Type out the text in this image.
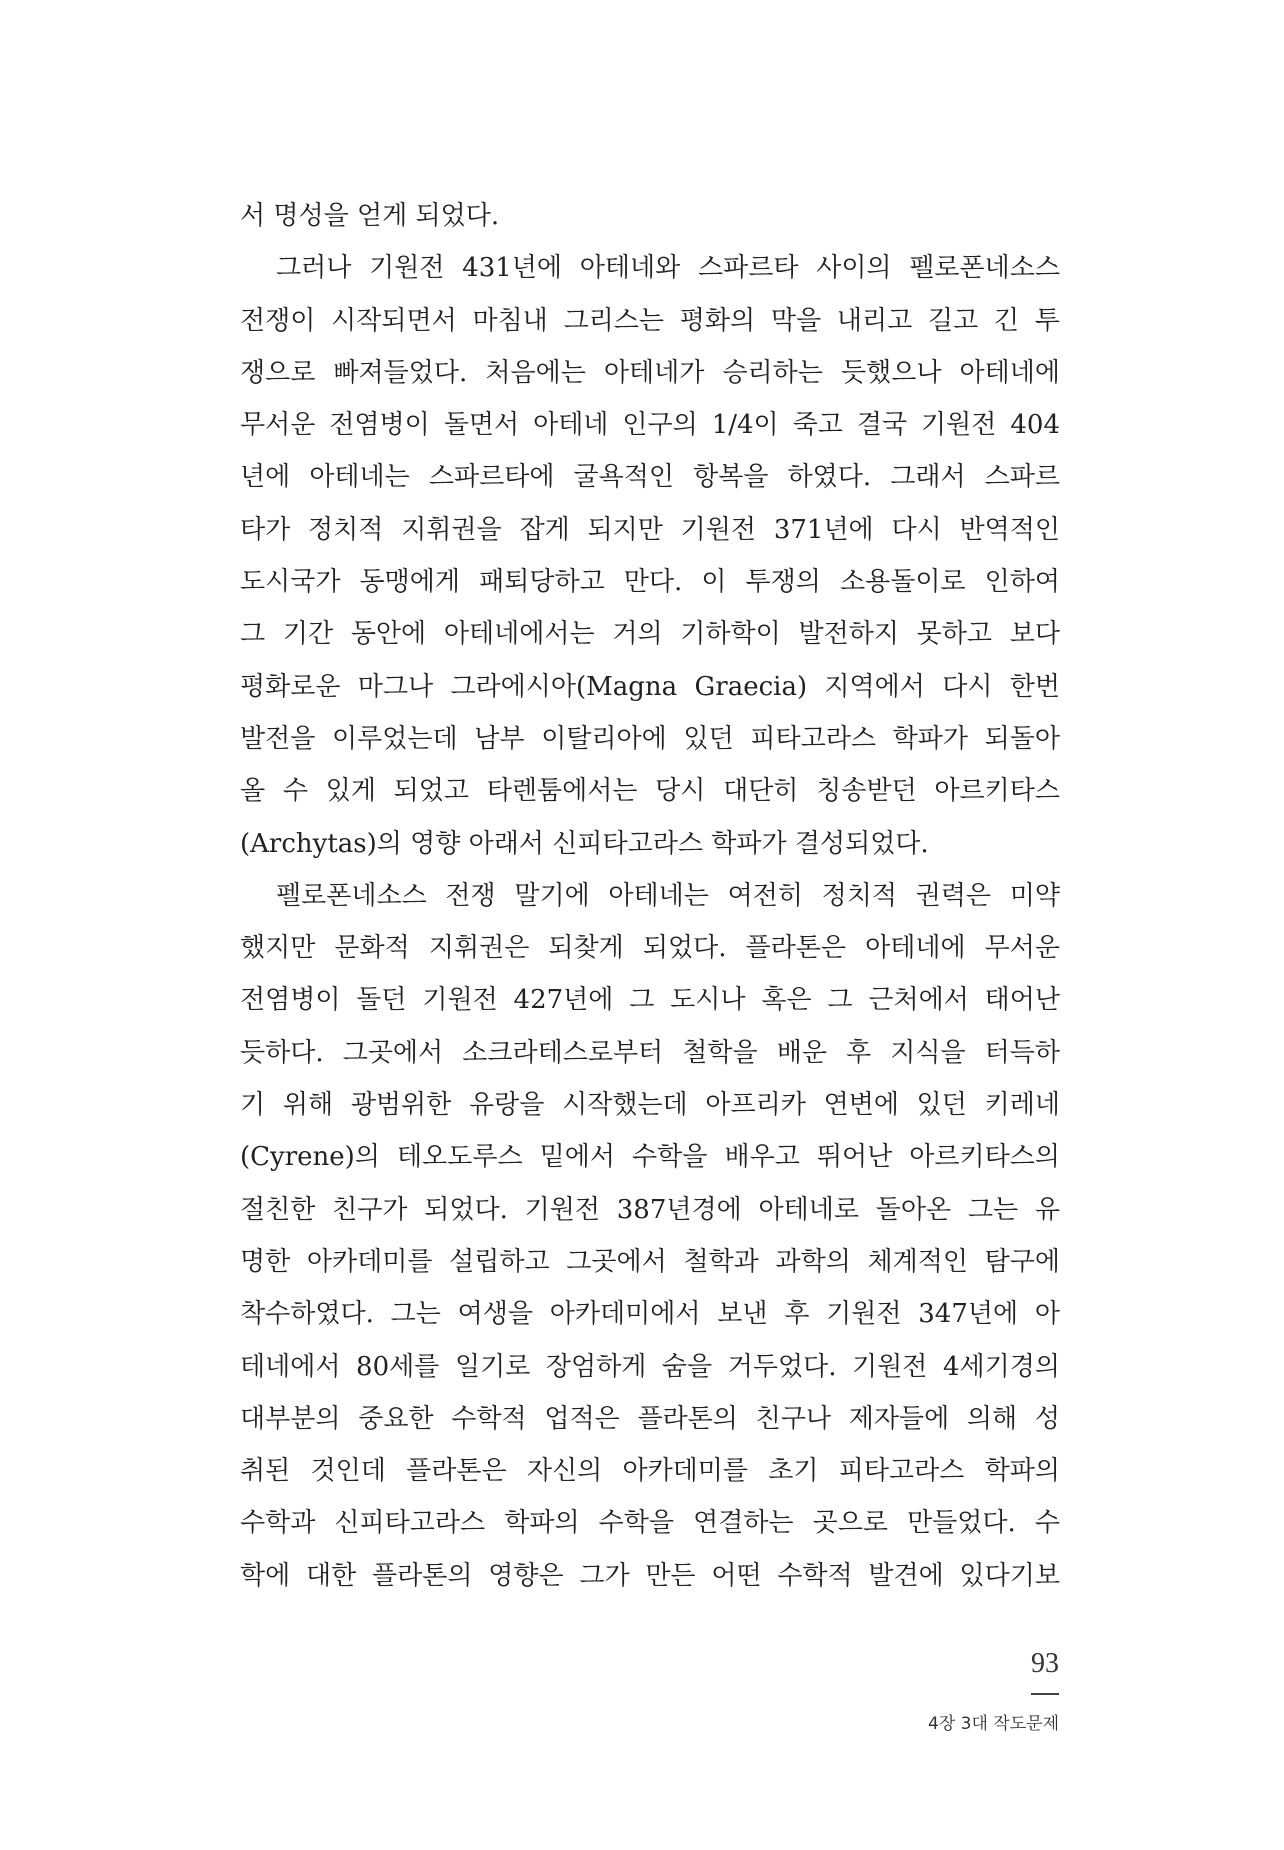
서 명성을 얻게 되었다.
그러나 기원전 431년에 아테네와 스파르타 사이의 펠로폰네소스
전쟁이 시작되면서 마침내 그리스는 평화의 막을 내리고 길고 긴 투
쟁으로 빠져들었다. 처음에는 아테네가 승리하는 듯했으나 아테네에
무서운 전염병이 돌면서 아테네 인구의 1/4이 죽고 결국 기원전 404
년에 아테네는 스파르타에 굴욕적인 항복을 하였다. 그래서 스파르
타가 정치적 지휘권을 잡게 되지만 기원전 371년에 다시 반역적인
도시국가 동맹에게 패퇴당하고 만다. 이 투쟁의 소용돌이로 인하여
그 기간 동안에 아테네에서는 거의 기하학이 발전하지 못하고 보다
평화로운 마그나 그라에시아(Magna Graecia) 지역에서 다시 한번
발전을 이루었는데 남부 이탈리아에 있던 피타고라스 학파가 되돌아
올 수 있게 되었고 타렌툼에서는 당시 대단히 칭송받던 아르키타스
(Archytas)의 영향 아래서 신피타고라스 학파가 결성되었다.
펠로폰네소스 전쟁 말기에 아테네는 여전히 정치적 권력은 미약
했지만 문화적 지휘권은 되찾게 되었다. 플라톤은 아테네에 무서운
전염병이 돌던 기원전 427년에 그 도시나 혹은 그 근처에서 태어난
듯하다. 그곳에서 소크라테스로부터 철학을 배운 후 지식을 터득하
기 위해 광범위한 유랑을 시작했는데 아프리카 연변에 있던 키레네
(Cyrene)의 테오도루스 밑에서 수학을 배우고 뛰어난 아르키타스의
절친한 친구가 되었다. 기원전 387년경에 아테네로 돌아온 그는 유
명한 아카데미를 설립하고 그곳에서 철학과 과학의 체계적인 탐구에
착수하였다. 그는 여생을 아카데미에서 보낸 후 기원전 347년에 아
테네에서 80세를 일기로 장엄하게 숨을 거두었다. 기원전 4세기경의
대부분의 중요한 수학적 업적은 플라톤의 친구나 제자들에 의해 성
취된 것인데 플라톤은 자신의 아카데미를 초기 피타고라스 학파의
수학과 신피타고라스 학파의 수학을 연결하는 곳으로 만들었다. 수
학에 대한 플라톤의 영향은 그가 만든 어떤 수학적 발견에 있다기보
93
4장 3대 작도문제
